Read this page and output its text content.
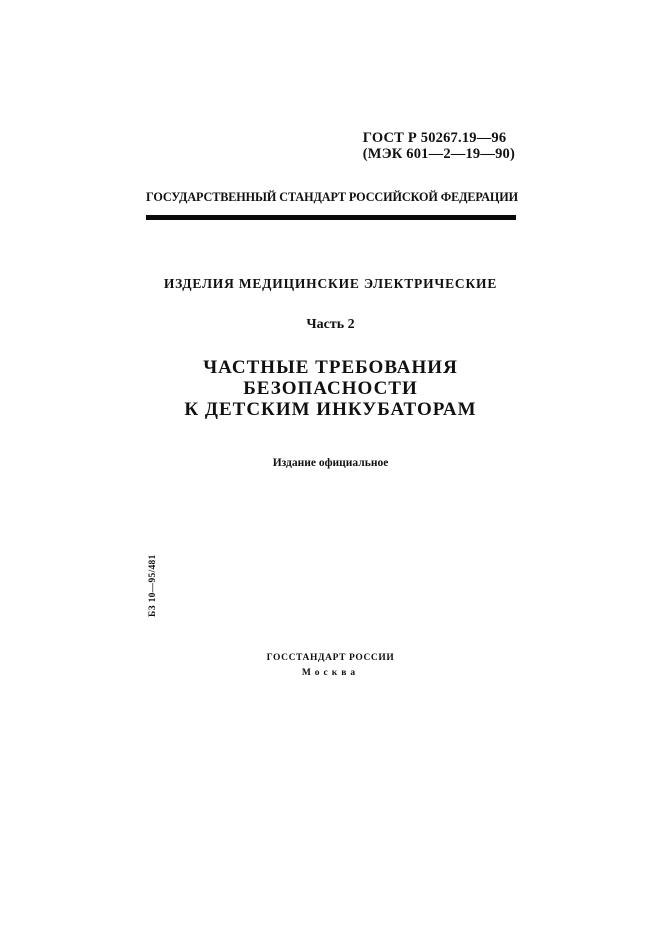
ГОСТ Р 50267.19—96
(МЭК 601—2—19—90)
ГОСУДАРСТВЕННЫЙ СТАНДАРТ РОССИЙСКОЙ ФЕДЕРАЦИИ
ИЗДЕЛИЯ МЕДИЦИНСКИЕ ЭЛЕКТРИЧЕСКИЕ
Часть 2
ЧАСТНЫЕ ТРЕБОВАНИЯ
БЕЗОПАСНОСТИ
К ДЕТСКИМ ИНКУБАТОРАМ
Издание официальное
БЗ 10—95/481
ГОССТАНДАРТ РОССИИ
Москва
